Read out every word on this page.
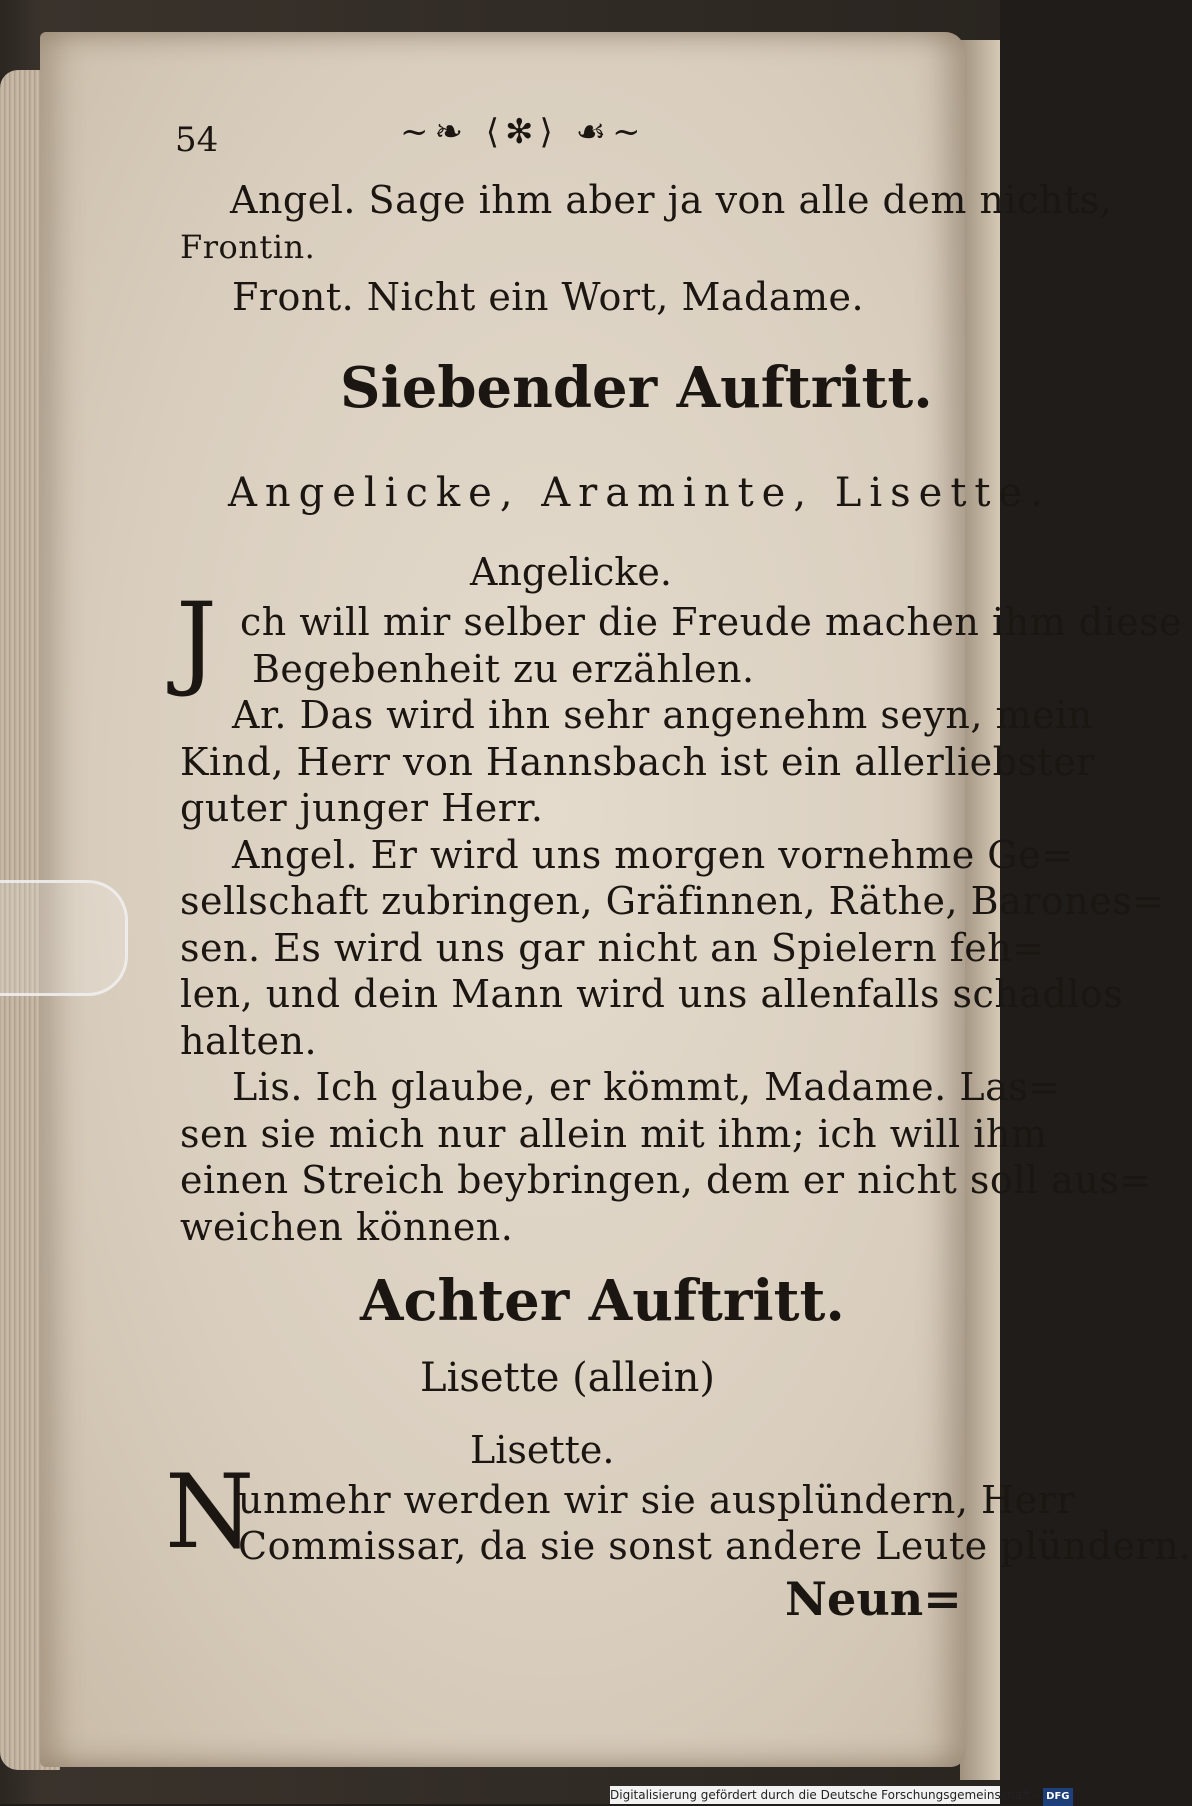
54	~❧ ⟨✻⟩ ☙~
Angel. Sage ihm aber ja von alle dem nichts,
Frontin.
Front. Nicht ein Wort, Madame.
Siebender Auftritt.
Angelicke, Araminte, Lisette.
Angelicke.
J ch will mir selber die Freude machen ihm diese
Begebenheit zu erzählen.
Ar. Das wird ihn sehr angenehm seyn, mein
Kind, Herr von Hannsbach ist ein allerliebster
guter junger Herr.
Angel. Er wird uns morgen vornehme Ge=
sellschaft zubringen, Gräfinnen, Räthe, Barones=
sen. Es wird uns gar nicht an Spielern feh=
len, und dein Mann wird uns allenfalls schadlos
halten.
Lis. Ich glaube, er kömmt, Madame. Las=
sen sie mich nur allein mit ihm; ich will ihm
einen Streich beybringen, dem er nicht soll aus=
weichen können.
Achter Auftritt.
Lisette (allein)
Lisette.
N
unmehr werden wir sie ausplündern, Herr
Commissar, da sie sonst andere Leute plündern.
Neun=
Digitalisierung gefördert durch die Deutsche Forschungsgemeinschaft - DFG
